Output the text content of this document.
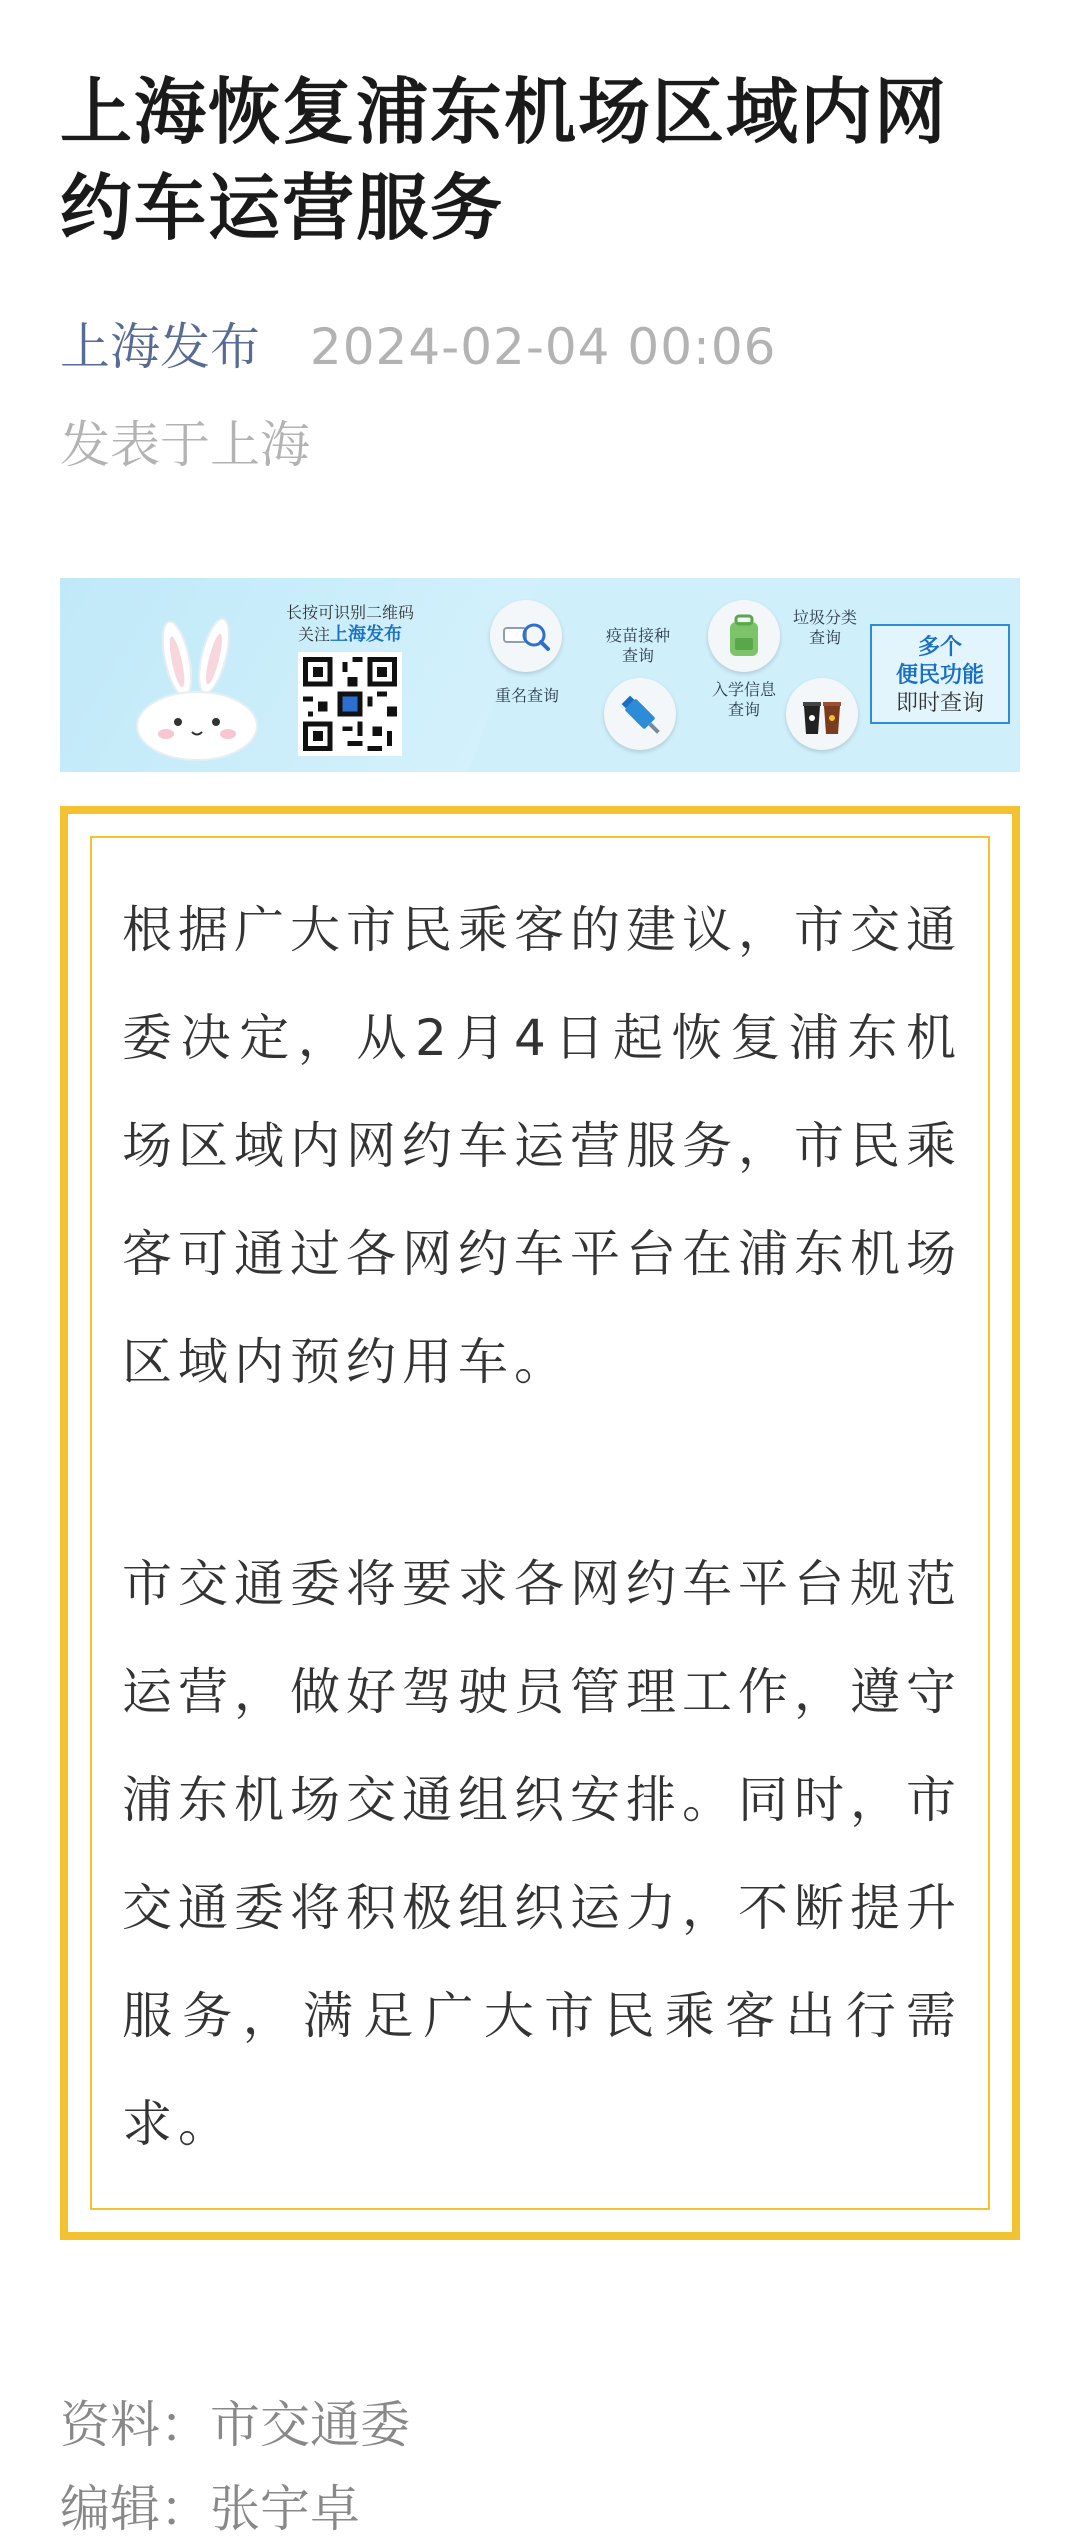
上海恢复浦东机场区域内网约车运营服务
上海发布 2024-02-04 00:06
发表于上海
长按可识别二维码
关注上海发布
重名查询
疫苗接种
查询
入学信息
查询
垃圾分类
查询	多个
便民功能
即时查询

根据广大市民乘客的建议，市交通委决定，从2月4日起恢复浦东机场区域内网约车运营服务，市民乘客可通过各网约车平台在浦东机场区域内预约用车。

市交通委将要求各网约车平台规范运营，做好驾驶员管理工作，遵守浦东机场交通组织安排。同时，市交通委将积极组织运力，不断提升服务，满足广大市民乘客出行需求。

资料：市交通委
编辑：张宇卓
